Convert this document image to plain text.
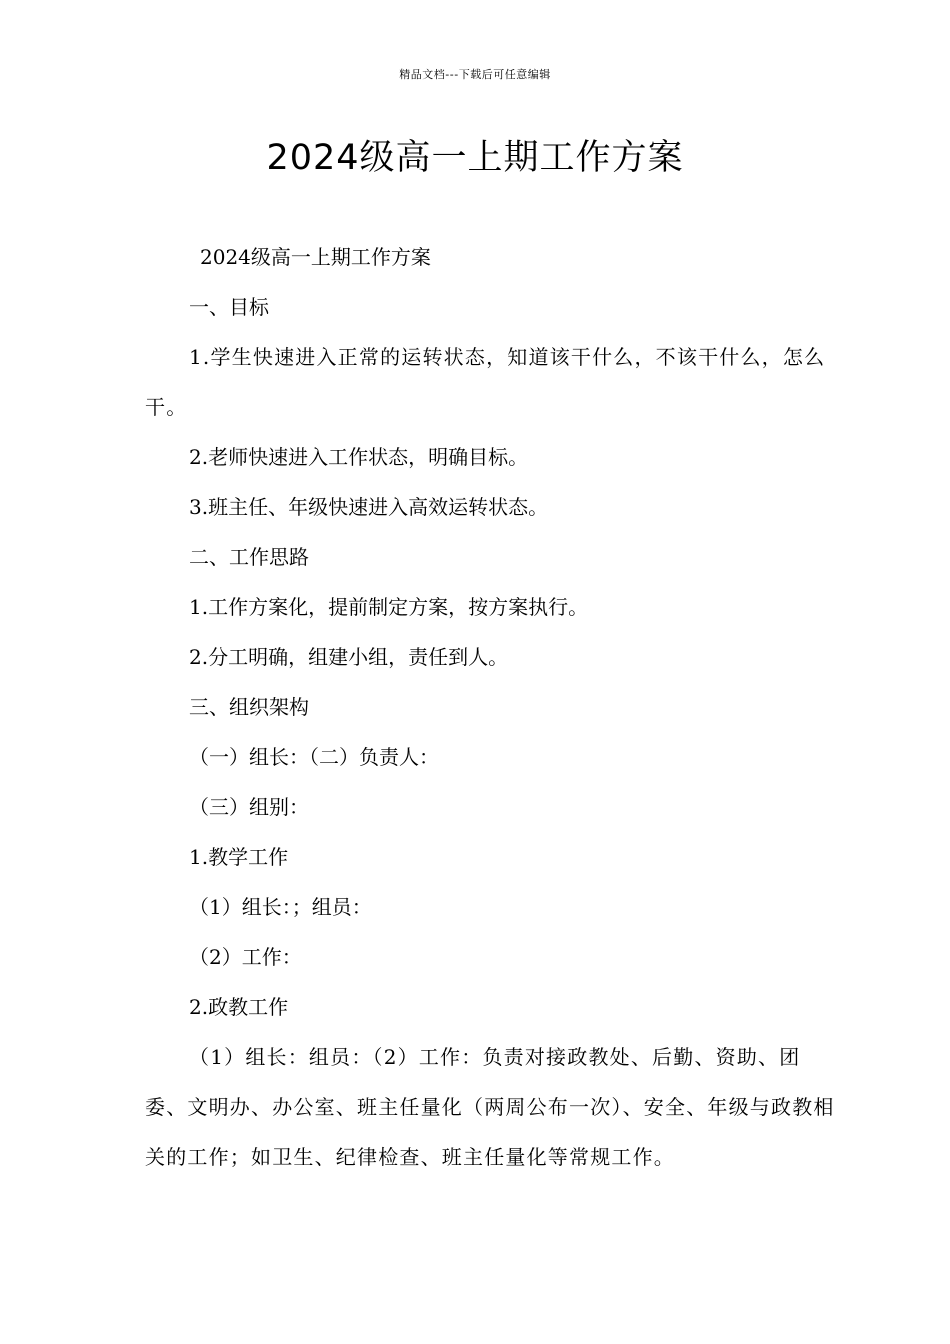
精品文档---下载后可任意编辑
2024级高一上期工作方案

2024级高一上期工作方案

一、目标

1.学生快速进入正常的运转状态，知道该干什么，不该干什么，怎么干。

2.老师快速进入工作状态，明确目标。

3.班主任、年级快速进入高效运转状态。

二、工作思路

1.工作方案化，提前制定方案，按方案执行。

2.分工明确，组建小组，责任到人。

三、组织架构

（一）组长：（二）负责人：

（三）组别：

1.教学工作

（1）组长：；组员：

（2）工作：

2.政教工作

（1）组长：组员：（2）工作：负责对接政教处、后勤、资助、团委、文明办、办公室、班主任量化（两周公布一次）、安全、年级与政教相关的工作；如卫生、纪律检查、班主任量化等常规工作。
